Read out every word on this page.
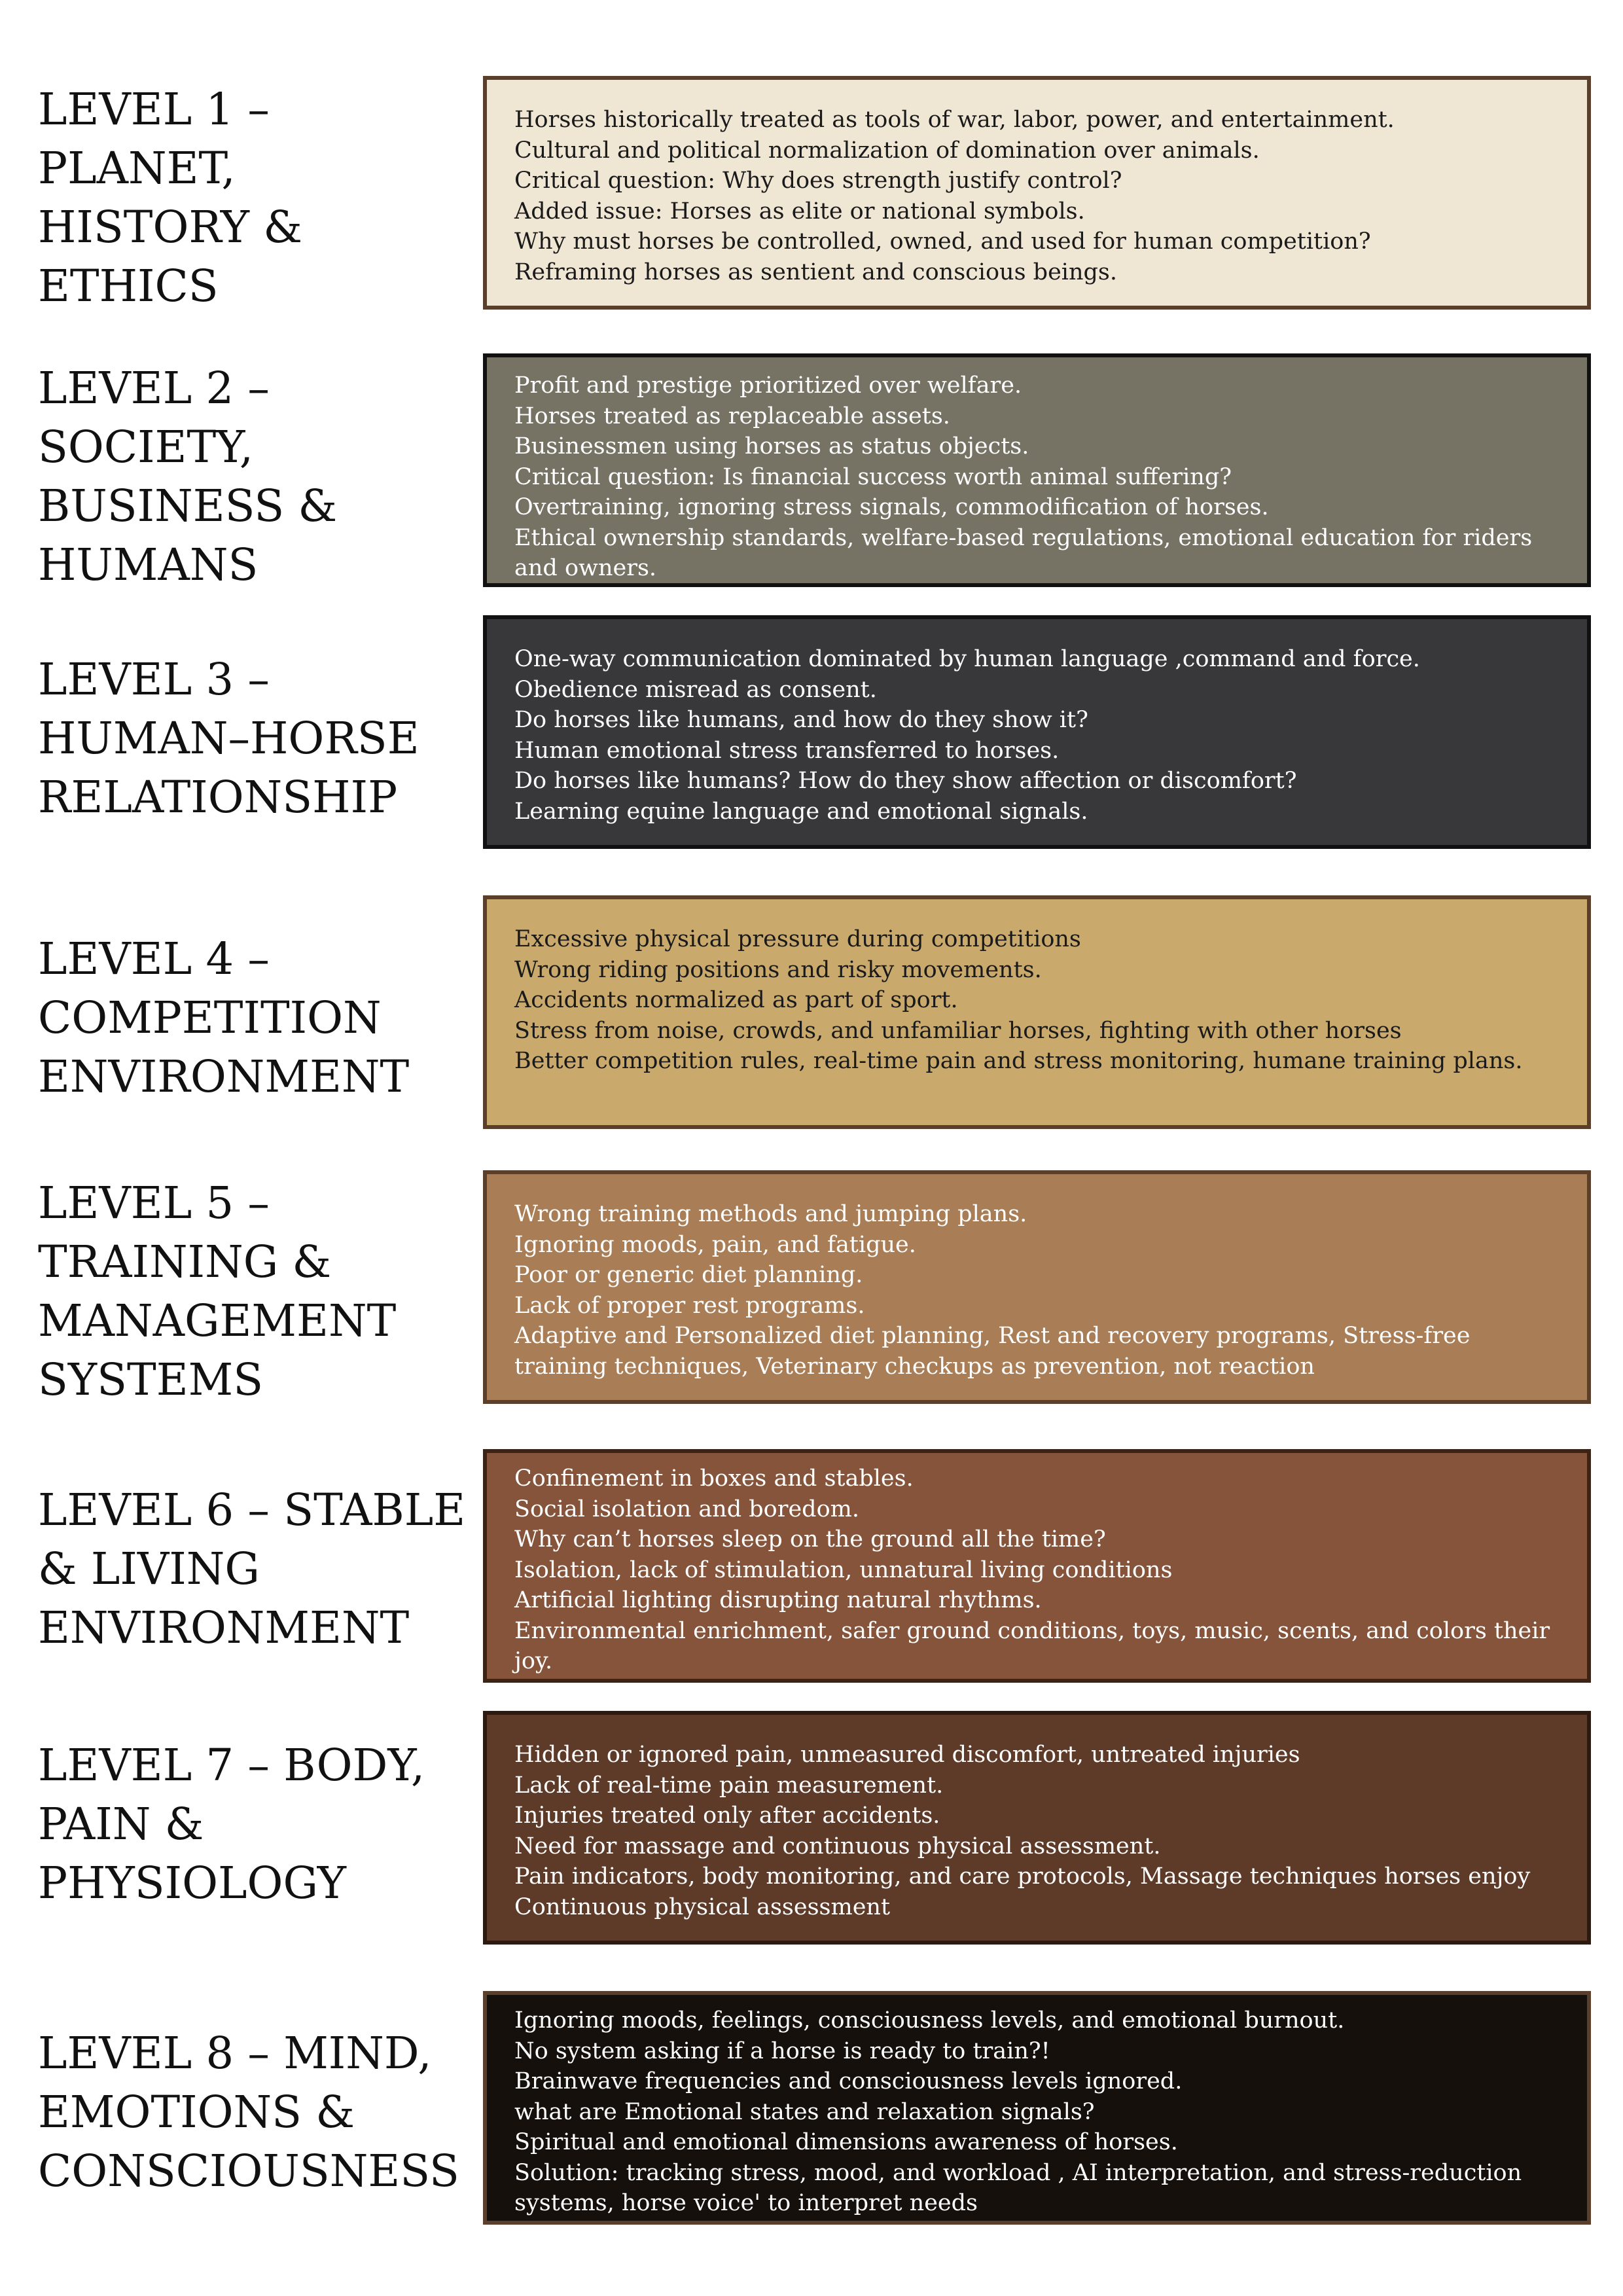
LEVEL 1 –
PLANET,
HISTORY &
ETHICS
Horses historically treated as tools of war, labor, power, and entertainment.
Cultural and political normalization of domination over animals.
Critical question: Why does strength justify control?
Added issue: Horses as elite or national symbols.
Why must horses be controlled, owned, and used for human competition?
Reframing horses as sentient and conscious beings.
LEVEL 2 –
SOCIETY,
BUSINESS &
HUMANS
Profit and prestige prioritized over welfare.
Horses treated as replaceable assets.
Businessmen using horses as status objects.
Critical question: Is financial success worth animal suffering?
Overtraining, ignoring stress signals, commodification of horses.
Ethical ownership standards, welfare-based regulations, emotional education for riders and owners.
LEVEL 3 –
HUMAN–HORSE
RELATIONSHIP
One-way communication dominated by human language ,command and force.
Obedience misread as consent.
Do horses like humans, and how do they show it?
Human emotional stress transferred to horses.
Do horses like humans? How do they show affection or discomfort?
Learning equine language and emotional signals.
LEVEL 4 –
COMPETITION
ENVIRONMENT
Excessive physical pressure during competitions
Wrong riding positions and risky movements.
Accidents normalized as part of sport.
Stress from noise, crowds, and unfamiliar horses, fighting with other horses
Better competition rules, real-time pain and stress monitoring, humane training plans.
LEVEL 5 –
TRAINING &
MANAGEMENT
SYSTEMS
Wrong training methods and jumping plans.
Ignoring moods, pain, and fatigue.
Poor or generic diet planning.
Lack of proper rest programs.
Adaptive and Personalized diet planning, Rest and recovery programs, Stress-free training techniques, Veterinary checkups as prevention, not reaction
LEVEL 6 – STABLE
& LIVING
ENVIRONMENT
Confinement in boxes and stables.
Social isolation and boredom.
Why can’t horses sleep on the ground all the time?
Isolation, lack of stimulation, unnatural living conditions
Artificial lighting disrupting natural rhythms.
Environmental enrichment, safer ground conditions, toys, music, scents, and colors their joy.
LEVEL 7 – BODY,
PAIN &
PHYSIOLOGY
Hidden or ignored pain, unmeasured discomfort, untreated injuries
Lack of real-time pain measurement.
Injuries treated only after accidents.
Need for massage and continuous physical assessment.
Pain indicators, body monitoring, and care protocols, Massage techniques horses enjoy
Continuous physical assessment
LEVEL 8 – MIND,
EMOTIONS &
CONSCIOUSNESS
Ignoring moods, feelings, consciousness levels, and emotional burnout.
No system asking if a horse is ready to train?!
Brainwave frequencies and consciousness levels ignored.
what are Emotional states and relaxation signals?
Spiritual and emotional dimensions awareness of horses.
Solution: tracking stress, mood, and workload , AI interpretation, and stress-reduction systems, horse voice' to interpret needs
